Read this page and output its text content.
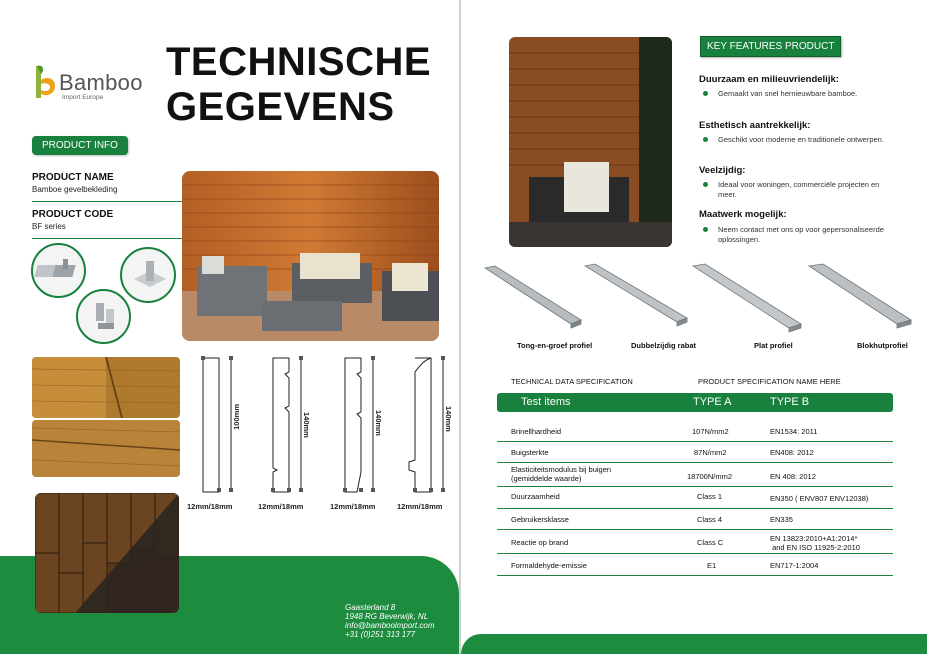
Bamboo
Import Europe
TECHNISCHE
GEGEVENS
PRODUCT INFO
PRODUCT NAME
Bamboe gevelbekleding
PRODUCT CODE
BF series
100mm	140mm	140mm	140mm
12mm/18mm	12mm/18mm	12mm/18mm	12mm/18mm
Gaasterland 8
1948 RG Beverwijk, NL
info@bambooimport.com
+31 (0)251 313 177
KEY FEATURES PRODUCT
Duurzaam en milieuvriendelijk:
Gemaakt van snel hernieuwbare bamboe.
Esthetisch aantrekkelijk:
Geschikt voor moderne en traditionele ontwerpen.
Veelzijdig:
Ideaal voor woningen, commerciële projecten en meer.
Maatwerk mogelijk:
Neem contact met ons op voor gepersonaliseerde oplossingen.
Tong-en-groef profiel	Dubbelzijdig rabat	Plat profiel	Blokhutprofiel
TECHNICAL DATA SPECIFICATION	PRODUCT SPECIFICATION NAME HERE
Test items	TYPE A	TYPE B
Brinellhardheid	107N/mm2	EN1534: 2011
Buigsterkte	87N/mm2	EN408: 2012
Elasticiteitsmodulus bij buigen
(gemiddelde waarde)	18700N/mm2	EN 408: 2012
Duurzaamheid	Class 1	EN350 ( ENV807 ENV12038)
Gebruikersklasse	Class 4	EN335
Reactie op brand	Class C	EN 13823:2010+A1:2014*
and EN ISO 11925-2:2010
Formaldehyde-emissie	E1	EN717-1:2004
